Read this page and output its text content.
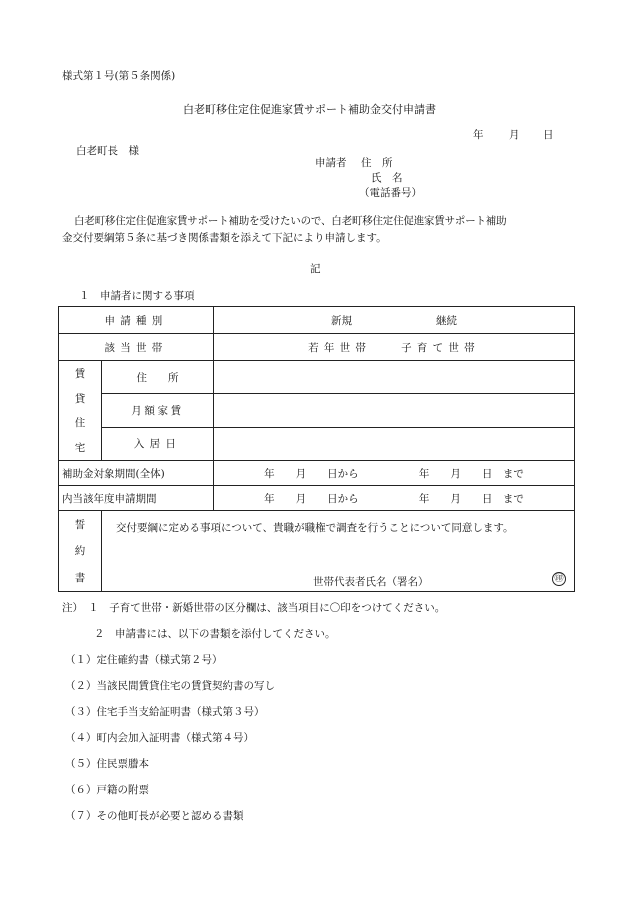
様式第１号(第５条関係)
白老町移住定住促進家賃サポート補助金交付申請書
年 月 日
白老町長　様
申請者 住　所
氏　名
（電話番号）
白老町移住定住促進家賃サポート補助を受けたいので、白老町移住定住促進家賃サポート補助
金交付要綱第５条に基づき関係書類を添えて下記により申請します。
記
１　申請者に関する事項
申請種別		新規 継続
該当世帯		若年世帯 子育て世帯

賃
貸
住
宅	住　　所	
	月額家賃	
	入居日	
補助金対象期間(全体)		年　　月　　日から 年　　月　　日　まで

内当該年度申請期間		年　　月　　日から 年　　月　　日　まで

誓
約
書	交付要綱に定める事項について、貴職が職権で調査を行うことについて同意します。
世帯代表者氏名（署名） ㊞	
注）　１　子育て世帯・新婚世帯の区分欄は、該当項目に〇印をつけてください。
２　申請書には、以下の書類を添付してください。
（１）定住確約書（様式第２号）
（２）当該民間賃貸住宅の賃貸契約書の写し
（３）住宅手当支給証明書（様式第３号）
（４）町内会加入証明書（様式第４号）
（５）住民票謄本
（６）戸籍の附票
（７）その他町長が必要と認める書類
